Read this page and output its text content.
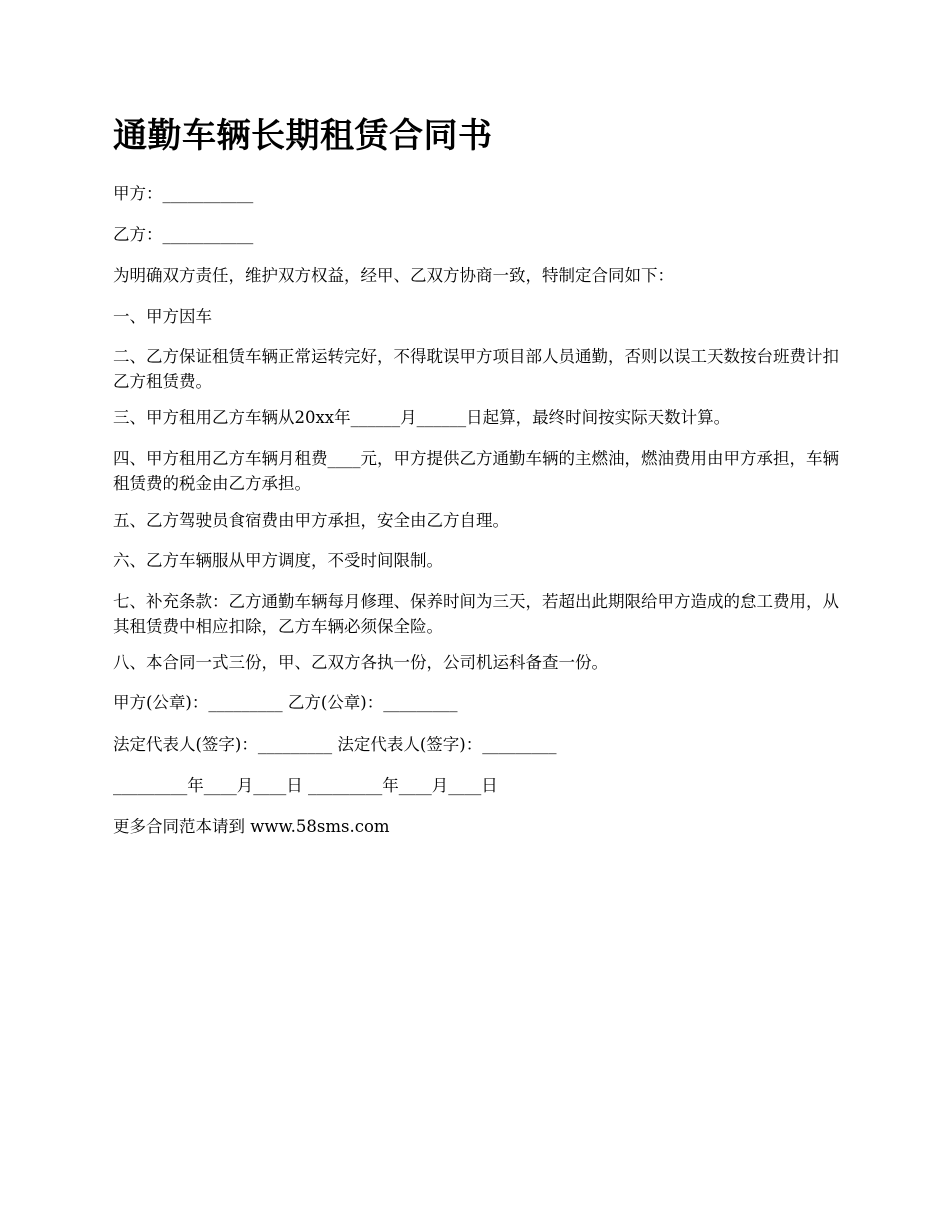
通勤车辆长期租赁合同书

甲方：___________

乙方：___________

为明确双方责任，维护双方权益，经甲、乙双方协商一致，特制定合同如下：

一、甲方因车

二、乙方保证租赁车辆正常运转完好，不得耽误甲方项目部人员通勤，否则以误工天数按台班费计扣乙方租赁费。

三、甲方租用乙方车辆从20xx年______月______日起算，最终时间按实际天数计算。

四、甲方租用乙方车辆月租费____元，甲方提供乙方通勤车辆的主燃油，燃油费用由甲方承担，车辆租赁费的税金由乙方承担。

五、乙方驾驶员食宿费由甲方承担，安全由乙方自理。

六、乙方车辆服从甲方调度，不受时间限制。

七、补充条款：乙方通勤车辆每月修理、保养时间为三天，若超出此期限给甲方造成的怠工费用，从其租赁费中相应扣除，乙方车辆必须保全险。

八、本合同一式三份，甲、乙双方各执一份，公司机运科备查一份。

甲方(公章)：_________ 乙方(公章)：_________

法定代表人(签字)：_________ 法定代表人(签字)：_________

_________年____月____日 _________年____月____日

更多合同范本请到 www.58sms.com
